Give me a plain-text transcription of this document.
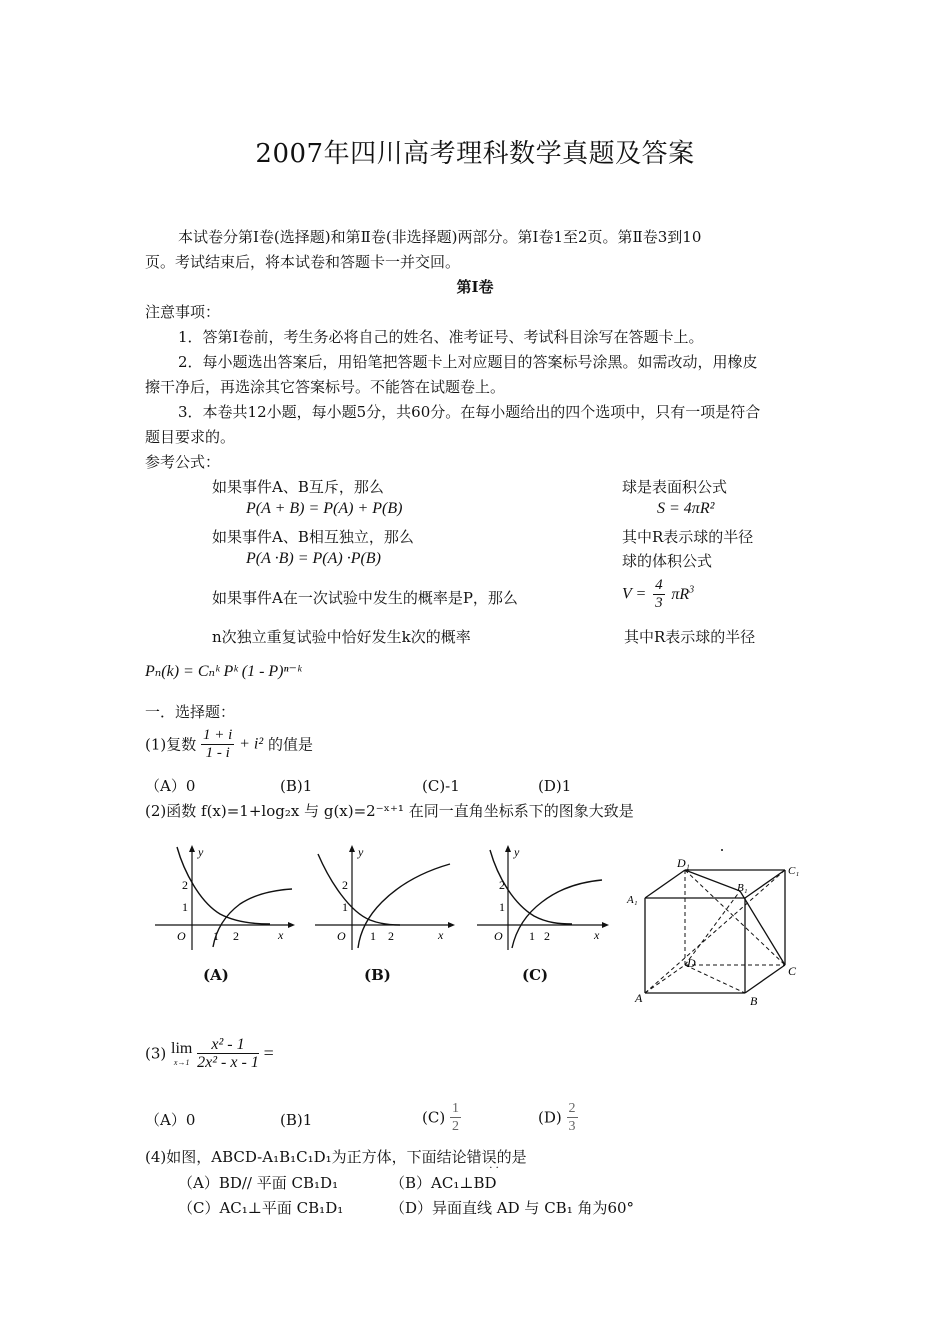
2007年四川高考理科数学真题及答案
本试卷分第Ⅰ卷(选择题)和第Ⅱ卷(非选择题)两部分。第Ⅰ卷1至2页。第Ⅱ卷3到10
页。考试结束后，将本试卷和答题卡一并交回。
第Ⅰ卷
注意事项：
1．答第Ⅰ卷前，考生务必将自己的姓名、准考证号、考试科目涂写在答题卡上。
2．每小题选出答案后，用铅笔把答题卡上对应题目的答案标号涂黑。如需改动，用橡皮
擦干净后，再选涂其它答案标号。不能答在试题卷上。
3．本卷共12小题，每小题5分，共60分。在每小题给出的四个选项中，只有一项是符合
题目要求的。
参考公式：
如果事件A、B互斥，那么
P(A + B) = P(A) + P(B)
如果事件A、B相互独立，那么
P(A ·B) = P(A) ·P(B)
如果事件A在一次试验中发生的概率是P，那么
n次独立重复试验中恰好发生k次的概率
球是表面积公式
S = 4πR²
其中R表示球的半径
球的体积公式
$V = \frac{4}{3} \pi R^3$
其中R表示球的半径
Pₙ(k) = Cₙᵏ Pᵏ (1 - P)ⁿ⁻ᵏ
一．选择题：
(1)复数 $\frac{1 + i}{1 - i} + i^2$ 的值是
（A）0	(B)1	(C)-1	(D)1
(2)函数 f(x)=1+log₂x 与 g(x)=2⁻ˣ⁺¹ 在同一直角坐标系下的图象大致是
y
x
O
2
1
1 2
(A)
y
x
O
2
1
1 2
(B)
y
x
O
2
1
1 2
(C)
D₁
C₁
A₁
B₁
D
C
A	B
(3) lim
x→1
$\frac{\text{x² - 1}}{\text{2x² - x - 1}}$ =
（A）0	(B)1	$(C) \frac{1}{2}$	$(D) \frac{2}{3}$
(4)如图，ABCD-A₁B₁C₁D₁为正方体，下面结论错误的是
· ·
（A）BD// 平面 CB₁D₁	（B）AC₁⊥BD
（C）AC₁⊥平面 CB₁D₁	（D）异面直线 AD 与 CB₁ 角为60°
